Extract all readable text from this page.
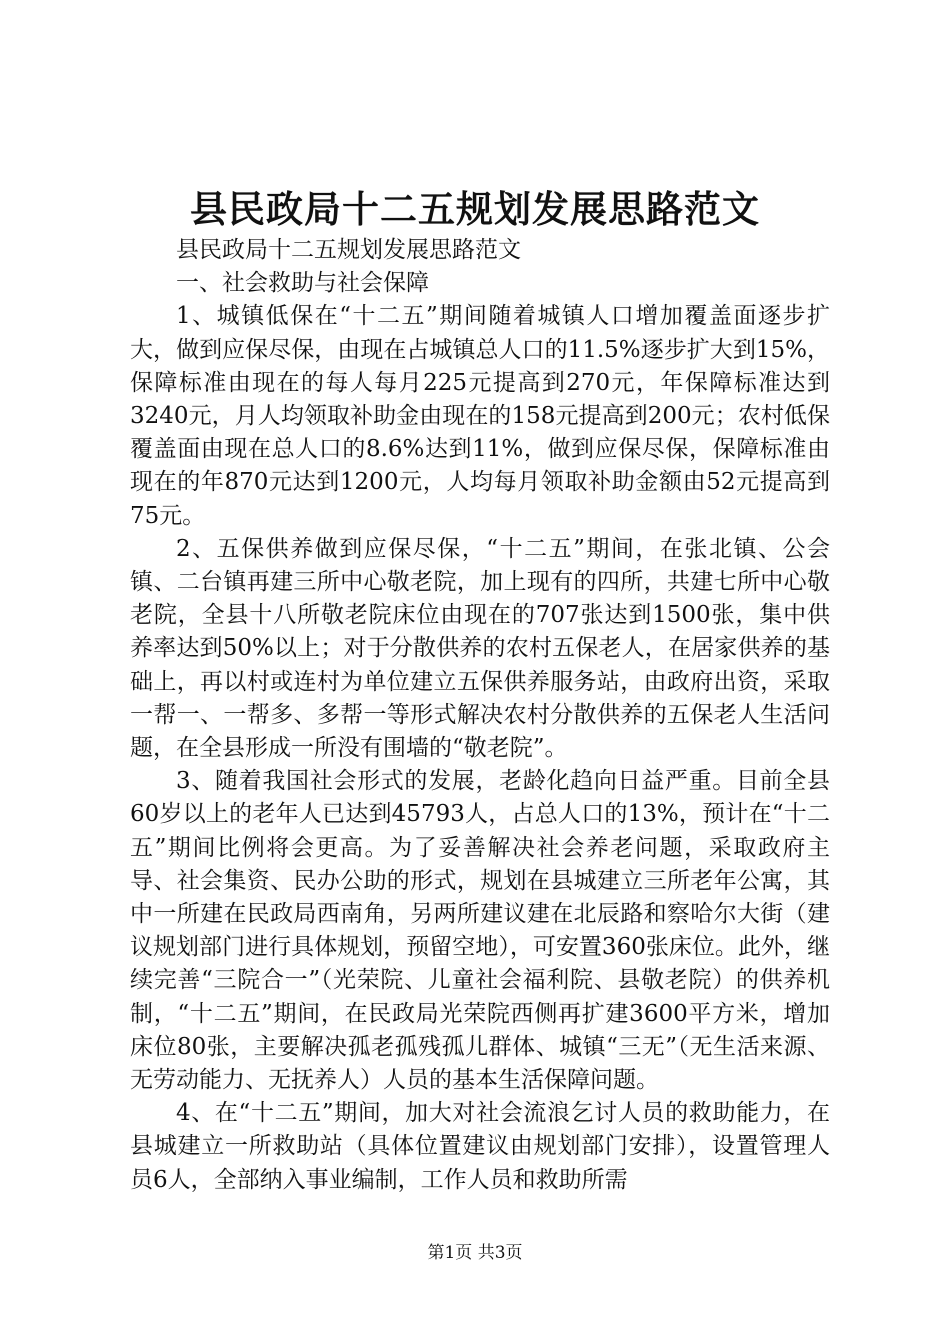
县民政局十二五规划发展思路范文

县民政局十二五规划发展思路范文

一、社会救助与社会保障

1、城镇低保在“十二五”期间随着城镇人口增加覆盖面逐步扩大，做到应保尽保，由现在占城镇总人口的11.5%逐步扩大到15%，保障标准由现在的每人每月225元提高到270元，年保障标准达到3240元，月人均领取补助金由现在的158元提高到200元；农村低保覆盖面由现在总人口的8.6%达到11%，做到应保尽保，保障标准由现在的年870元达到1200元，人均每月领取补助金额由52元提高到75元。

2、五保供养做到应保尽保，“十二五”期间，在张北镇、公会镇、二台镇再建三所中心敬老院，加上现有的四所，共建七所中心敬老院，全县十八所敬老院床位由现在的707张达到1500张，集中供养率达到50%以上；对于分散供养的农村五保老人，在居家供养的基础上，再以村或连村为单位建立五保供养服务站，由政府出资，采取一帮一、一帮多、多帮一等形式解决农村分散供养的五保老人生活问题，在全县形成一所没有围墙的“敬老院”。

3、随着我国社会形式的发展，老龄化趋向日益严重。目前全县60岁以上的老年人已达到45793人，占总人口的13%，预计在“十二五”期间比例将会更高。为了妥善解决社会养老问题，采取政府主导、社会集资、民办公助的形式，规划在县城建立三所老年公寓，其中一所建在民政局西南角，另两所建议建在北辰路和察哈尔大街（建议规划部门进行具体规划，预留空地），可安置360张床位。此外，继续完善“三院合一”（光荣院、儿童社会福利院、县敬老院）的供养机制，“十二五”期间，在民政局光荣院西侧再扩建3600平方米，增加床位80张，主要解决孤老孤残孤儿群体、城镇“三无”（无生活来源、无劳动能力、无抚养人）人员的基本生活保障问题。

4、在“十二五”期间，加大对社会流浪乞讨人员的救助能力，在县城建立一所救助站（具体位置建议由规划部门安排），设置管理人员6人，全部纳入事业编制，工作人员和救助所需

第1页 共3页
